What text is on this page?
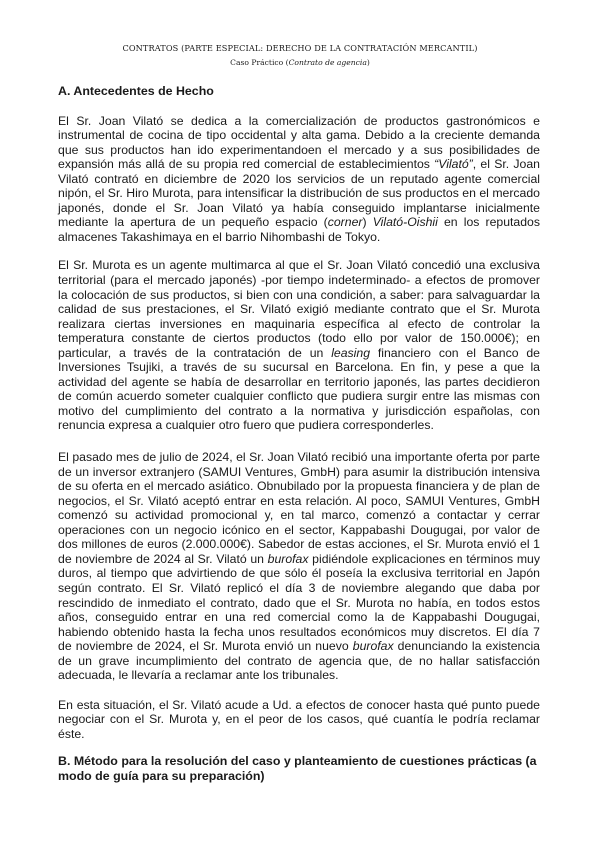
CONTRATOS (PARTE ESPECIAL: DERECHO DE LA CONTRATACIÓN MERCANTIL)
Caso Práctico (Contrato de agencia)
A. Antecedentes de Hecho

El Sr. Joan Vilató se dedica a la comercialización de productos gastronómicos e instrumental de cocina de tipo occidental y alta gama. Debido a la creciente demanda que sus productos han ido experimentandoen el mercado y a sus posibilidades de expansión más allá de su propia red comercial de establecimientos “Vilató”, el Sr. Joan Vilató contrató en diciembre de 2020 los servicios de un reputado agente comercial nipón, el Sr. Hiro Murota, para intensificar la distribución de sus productos en el mercado japonés, donde el Sr. Joan Vilató ya había conseguido implantarse inicialmente mediante la apertura de un pequeño espacio (corner) Vilató-Oishii en los reputados almacenes Takashimaya en el barrio Nihombashi de Tokyo.

El Sr. Murota es un agente multimarca al que el Sr. Joan Vilató concedió una exclusiva territorial (para el mercado japonés) -por tiempo indeterminado- a efectos de promover la colocación de sus productos, si bien con una condición, a saber: para salvaguardar la calidad de sus prestaciones, el Sr. Vilató exigió mediante contrato que el Sr. Murota realizara ciertas inversiones en maquinaria específica al efecto de controlar la temperatura constante de ciertos productos (todo ello por valor de 150.000€); en particular, a través de la contratación de un leasing financiero con el Banco de Inversiones Tsujiki, a través de su sucursal en Barcelona. En fin, y pese a que la actividad del agente se había de desarrollar en territorio japonés, las partes decidieron de común acuerdo someter cualquier conflicto que pudiera surgir entre las mismas con motivo del cumplimiento del contrato a la normativa y jurisdicción españolas, con renuncia expresa a cualquier otro fuero que pudiera corresponderles.

El pasado mes de julio de 2024, el Sr. Joan Vilató recibió una importante oferta por parte de un inversor extranjero (SAMUI Ventures, GmbH) para asumir la distribución intensiva de su oferta en el mercado asiático. Obnubilado por la propuesta financiera y de plan de negocios, el Sr. Vilató aceptó entrar en esta relación. Al poco, SAMUI Ventures, GmbH comenzó su actividad promocional y, en tal marco, comenzó a contactar y cerrar operaciones con un negocio icónico en el sector, Kappabashi Dougugai, por valor de dos millones de euros (2.000.000€). Sabedor de estas acciones, el Sr. Murota envió el 1 de noviembre de 2024 al Sr. Vilató un burofax pidiéndole explicaciones en términos muy duros, al tiempo que advirtiendo de que sólo él poseía la exclusiva territorial en Japón según contrato. El Sr. Vilató replicó el día 3 de noviembre alegando que daba por rescindido de inmediato el contrato, dado que el Sr. Murota no había, en todos estos años, conseguido entrar en una red comercial como la de Kappabashi Dougugai, habiendo obtenido hasta la fecha unos resultados económicos muy discretos. El día 7 de noviembre de 2024, el Sr. Murota envió un nuevo burofax denunciando la existencia de un grave incumplimiento del contrato de agencia que, de no hallar satisfacción adecuada, le llevaría a reclamar ante los tribunales.

En esta situación, el Sr. Vilató acude a Ud. a efectos de conocer hasta qué punto puede negociar con el Sr. Murota y, en el peor de los casos, qué cuantía le podría reclamar éste.

B. Método para la resolución del caso y planteamiento de cuestiones prácticas (a modo de guía para su preparación)
